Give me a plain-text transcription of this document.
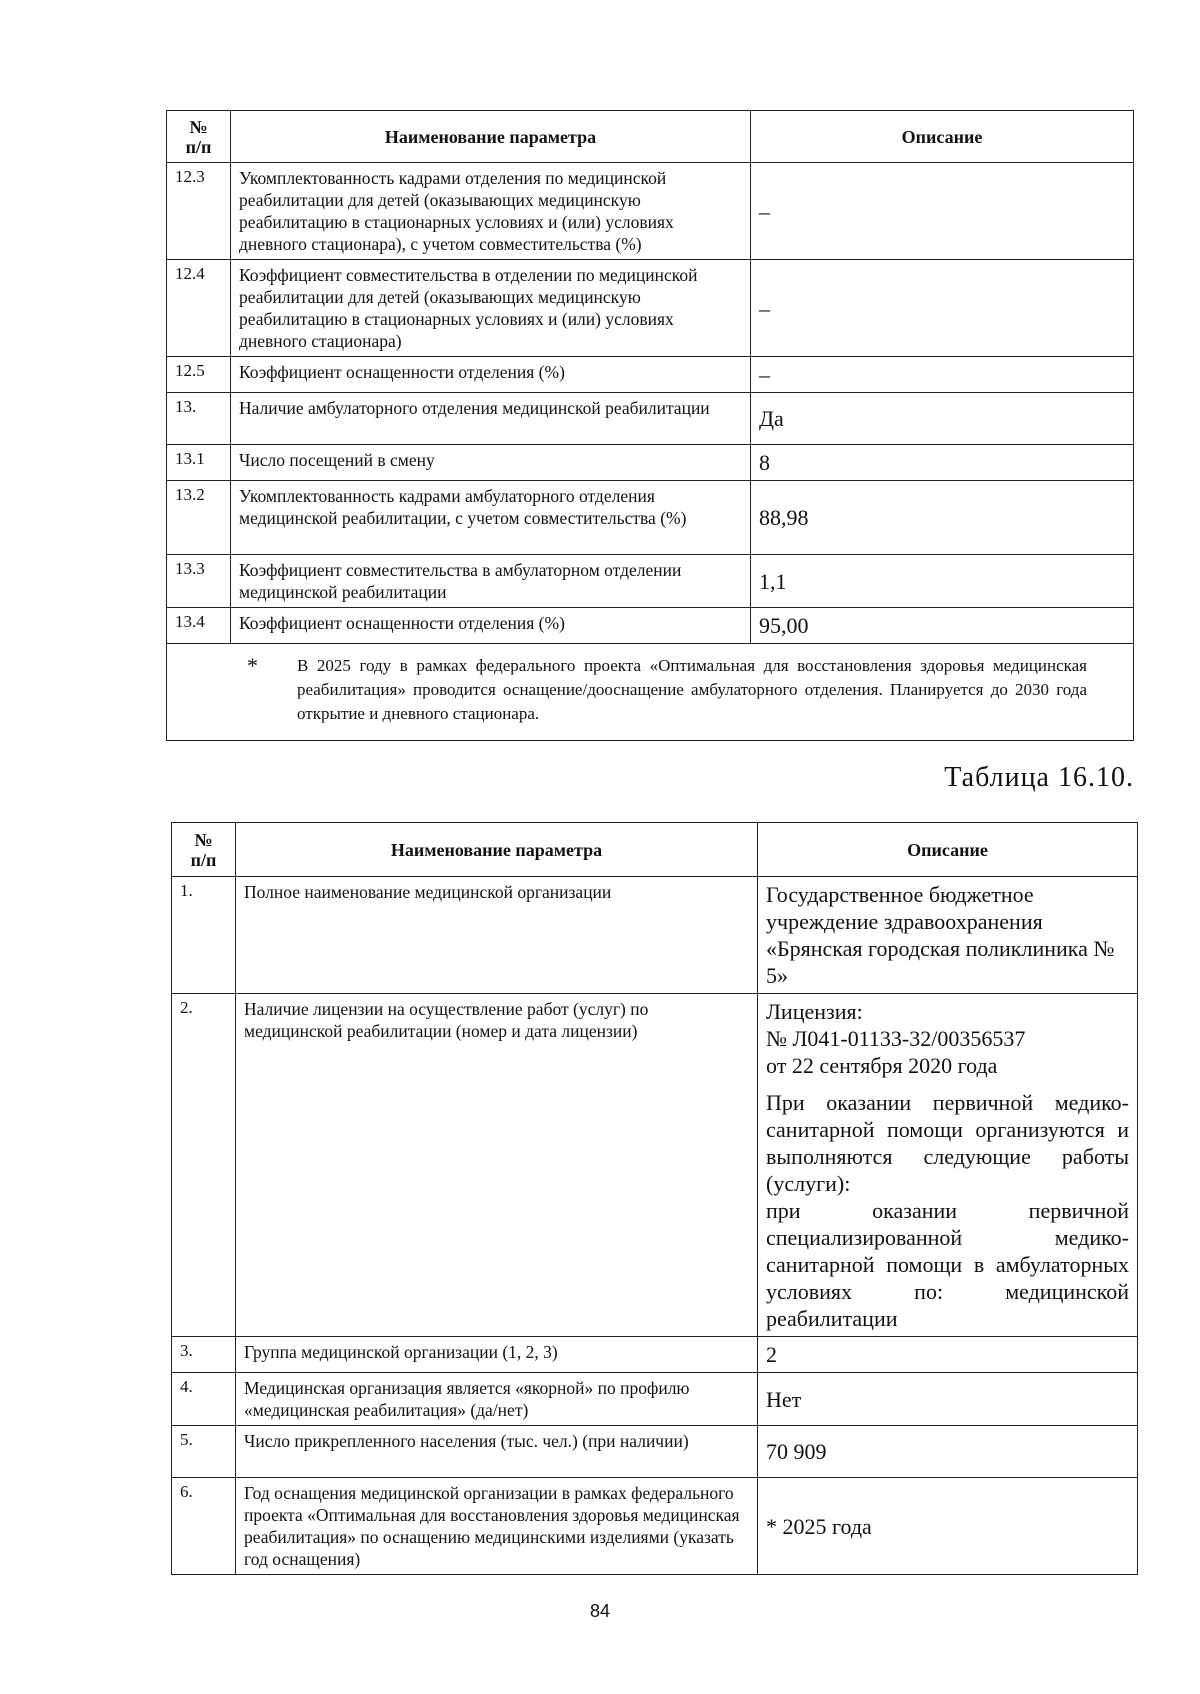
№
п/п	Наименование параметра	Описание
12.3	Укомплектованность кадрами отделения по медицинской реабилитации для детей (оказывающих медицинскую реабилитацию в стационарных условиях и (или) условиях дневного стационара), с учетом совместительства (%)	–
12.4	Коэффициент совместительства в отделении по медицинской реабилитации для детей (оказывающих медицинскую реабилитацию в стационарных условиях и (или) условиях дневного стационара)	–
12.5	Коэффициент оснащенности отделения (%)	–
13.	Наличие амбулаторного отделения медицинской реабилитации	Да
13.1	Число посещений в смену	8
13.2	Укомплектованность кадрами амбулаторного отделения медицинской реабилитации, с учетом совместительства (%)	88,98
13.3	Коэффициент совместительства в амбулаторном отделении медицинской реабилитации	1,1
13.4	Коэффициент оснащенности отделения (%)	95,00
* В 2025 году в рамках федерального проекта «Оптимальная для восстановления здоровья медицинская реабилитация» проводится оснащение/дооснащение амбулаторного отделения. Планируется до 2030 года открытие и дневного стационара.		
Таблица 16.10.
№
п/п	Наименование параметра	Описание
1.	Полное наименование медицинской организации	Государственное бюджетное учреждение здравоохранения «Брянская городская поликлиника № 5»
2.	Наличие лицензии на осуществление работ (услуг) по медицинской реабилитации (номер и дата лицензии)	Лицензия:
№ Л041-01133-32/00356537
от 22 сентября 2020 года
При оказании первичной медико-санитарной помощи организуются и выполняются следующие работы (услуги):
при оказании первичной специализированной медико-санитарной помощи в амбулаторных условиях по: медицинской реабилитации

3.	Группа медицинской организации (1, 2, 3)	2
4.	Медицинская организация является «якорной» по профилю «медицинская реабилитация» (да/нет)	Нет
5.	Число прикрепленного населения (тыс. чел.) (при наличии)	70 909
6.	Год оснащения медицинской организации в рамках федерального проекта «Оптимальная для восстановления здоровья медицинская реабилитация» по оснащению медицинскими изделиями (указать год оснащения)	* 2025 года
84
